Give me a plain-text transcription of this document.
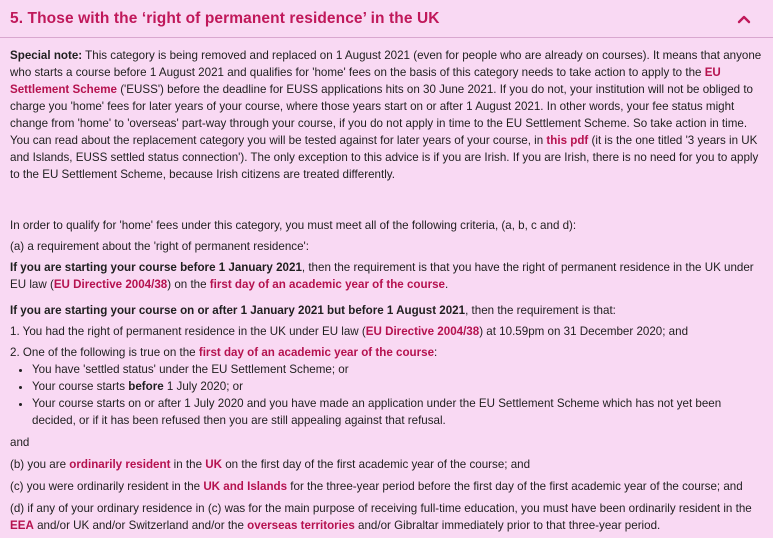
5. Those with the ‘right of permanent residence’ in the UK

Special note: This category is being removed and replaced on 1 August 2021 (even for people who are already on courses). It means that anyone who starts a course before 1 August 2021 and qualifies for 'home' fees on the basis of this category needs to take action to apply to the EU Settlement Scheme ('EUSS') before the deadline for EUSS applications hits on 30 June 2021. If you do not, your institution will not be obliged to charge you 'home' fees for later years of your course, where those years start on or after 1 August 2021. In other words, your fee status might change from 'home' to 'overseas' part-way through your course, if you do not apply in time to the EU Settlement Scheme. So take action in time. You can read about the replacement category you will be tested against for later years of your course, in this pdf (it is the one titled '3 years in UK and Islands, EUSS settled status connection'). The only exception to this advice is if you are Irish. If you are Irish, there is no need for you to apply to the EU Settlement Scheme, because Irish citizens are treated differently.

In order to qualify for 'home' fees under this category, you must meet all of the following criteria, (a, b, c and d):

(a) a requirement about the 'right of permanent residence':

If you are starting your course before 1 January 2021, then the requirement is that you have the right of permanent residence in the UK under EU law (EU Directive 2004/38) on the first day of an academic year of the course.

If you are starting your course on or after 1 January 2021 but before 1 August 2021, then the requirement is that:

1. You had the right of permanent residence in the UK under EU law (EU Directive 2004/38) at 10.59pm on 31 December 2020; and

2. One of the following is true on the first day of an academic year of the course:

• You have 'settled status' under the EU Settlement Scheme; or
• Your course starts before 1 July 2020; or
• Your course starts on or after 1 July 2020 and you have made an application under the EU Settlement Scheme which has not yet been decided, or if it has been refused then you are still appealing against that refusal.

and

(b) you are ordinarily resident in the UK on the first day of the first academic year of the course; and

(c) you were ordinarily resident in the UK and Islands for the three-year period before the first day of the first academic year of the course; and

(d) if any of your ordinary residence in (c) was for the main purpose of receiving full-time education, you must have been ordinarily resident in the EEA and/or UK and/or Switzerland and/or the overseas territories and/or Gibraltar immediately prior to that three-year period.
